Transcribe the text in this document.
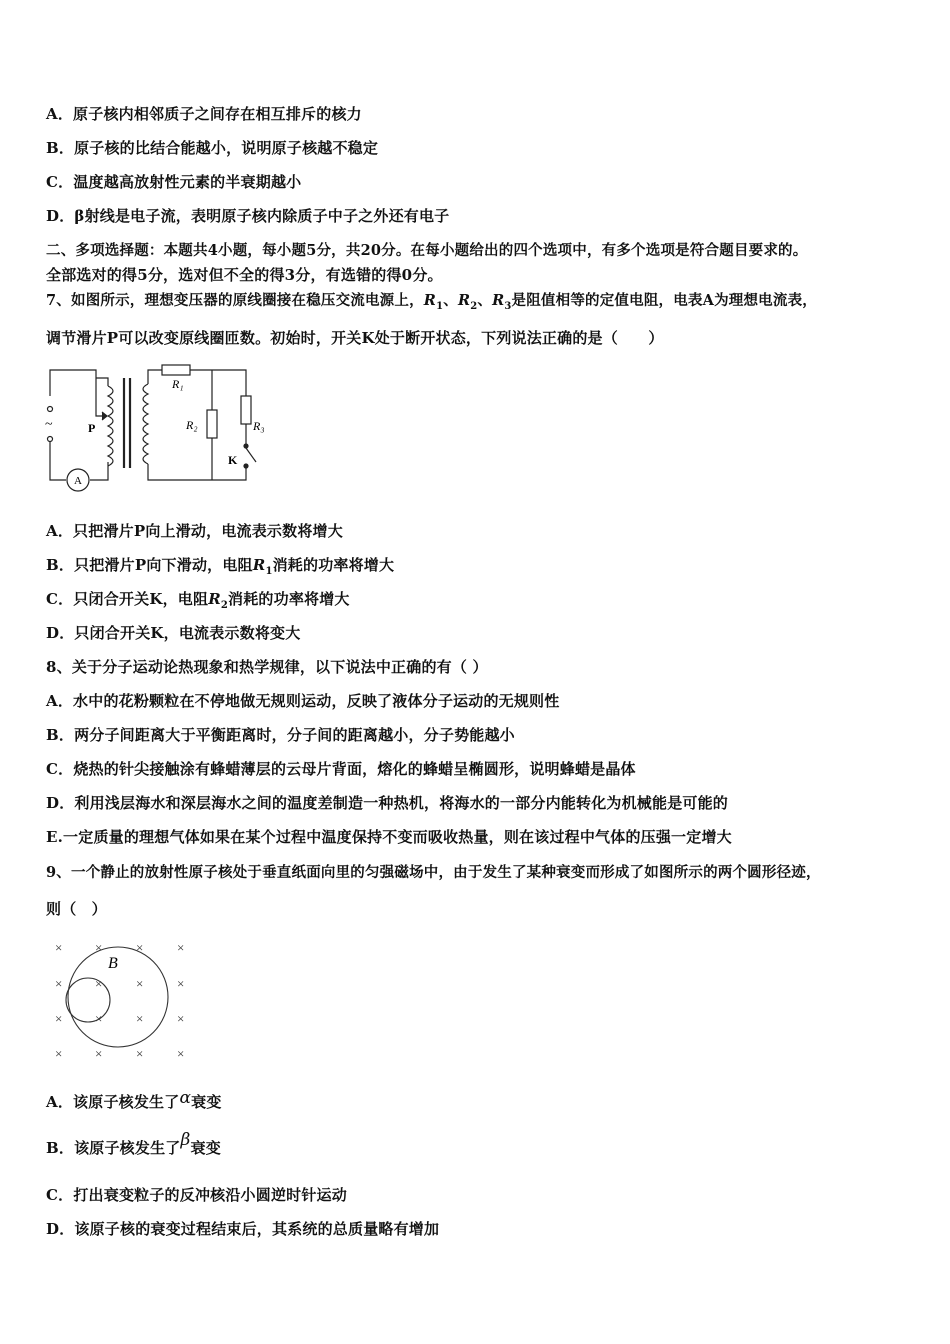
A．原子核内相邻质子之间存在相互排斥的核力
B．原子核的比结合能越小，说明原子核越不稳定
C．温度越高放射性元素的半衰期越小
D．β射线是电子流，表明原子核内除质子中子之外还有电子
二、多项选择题：本题共4小题，每小题5分，共20分。在每小题给出的四个选项中，有多个选项是符合题目要求的。
全部选对的得5分，选对但不全的得3分，有选错的得0分。
7、如图所示，理想变压器的原线圈接在稳压交流电源上，$R_1$、$R_2$、$R_3$是阻值相等的定值电阻，电表A为理想电流表，
调节滑片P可以改变原线圈匝数。初始时，开关K处于断开状态，下列说法正确的是（　　）
R₁
R₂	R₃
P
K
A
~
A．只把滑片P向上滑动，电流表示数将增大
B．只把滑片P向下滑动，电阻$R_1$消耗的功率将增大
C．只闭合开关K，电阻$R_2$消耗的功率将增大
D．只闭合开关K，电流表示数将变大
8、关于分子运动论热现象和热学规律，以下说法中正确的有（ ）
A．水中的花粉颗粒在不停地做无规则运动，反映了液体分子运动的无规则性
B．两分子间距离大于平衡距离时，分子间的距离越小，分子势能越小
C．烧热的针尖接触涂有蜂蜡薄层的云母片背面，熔化的蜂蜡呈椭圆形，说明蜂蜡是晶体
D．利用浅层海水和深层海水之间的温度差制造一种热机，将海水的一部分内能转化为机械能是可能的
E.一定质量的理想气体如果在某个过程中温度保持不变而吸收热量，则在该过程中气体的压强一定增大
9、一个静止的放射性原子核处于垂直纸面向里的匀强磁场中，由于发生了某种衰变而形成了如图所示的两个圆形径迹，
则（　）
B
×	×	×	×
×	×	×	×
×	×	×	×
×	×	×	×
A．该原子核发生了α衰变
B．该原子核发生了β衰变
C．打出衰变粒子的反冲核沿小圆逆时针运动
D．该原子核的衰变过程结束后，其系统的总质量略有增加
